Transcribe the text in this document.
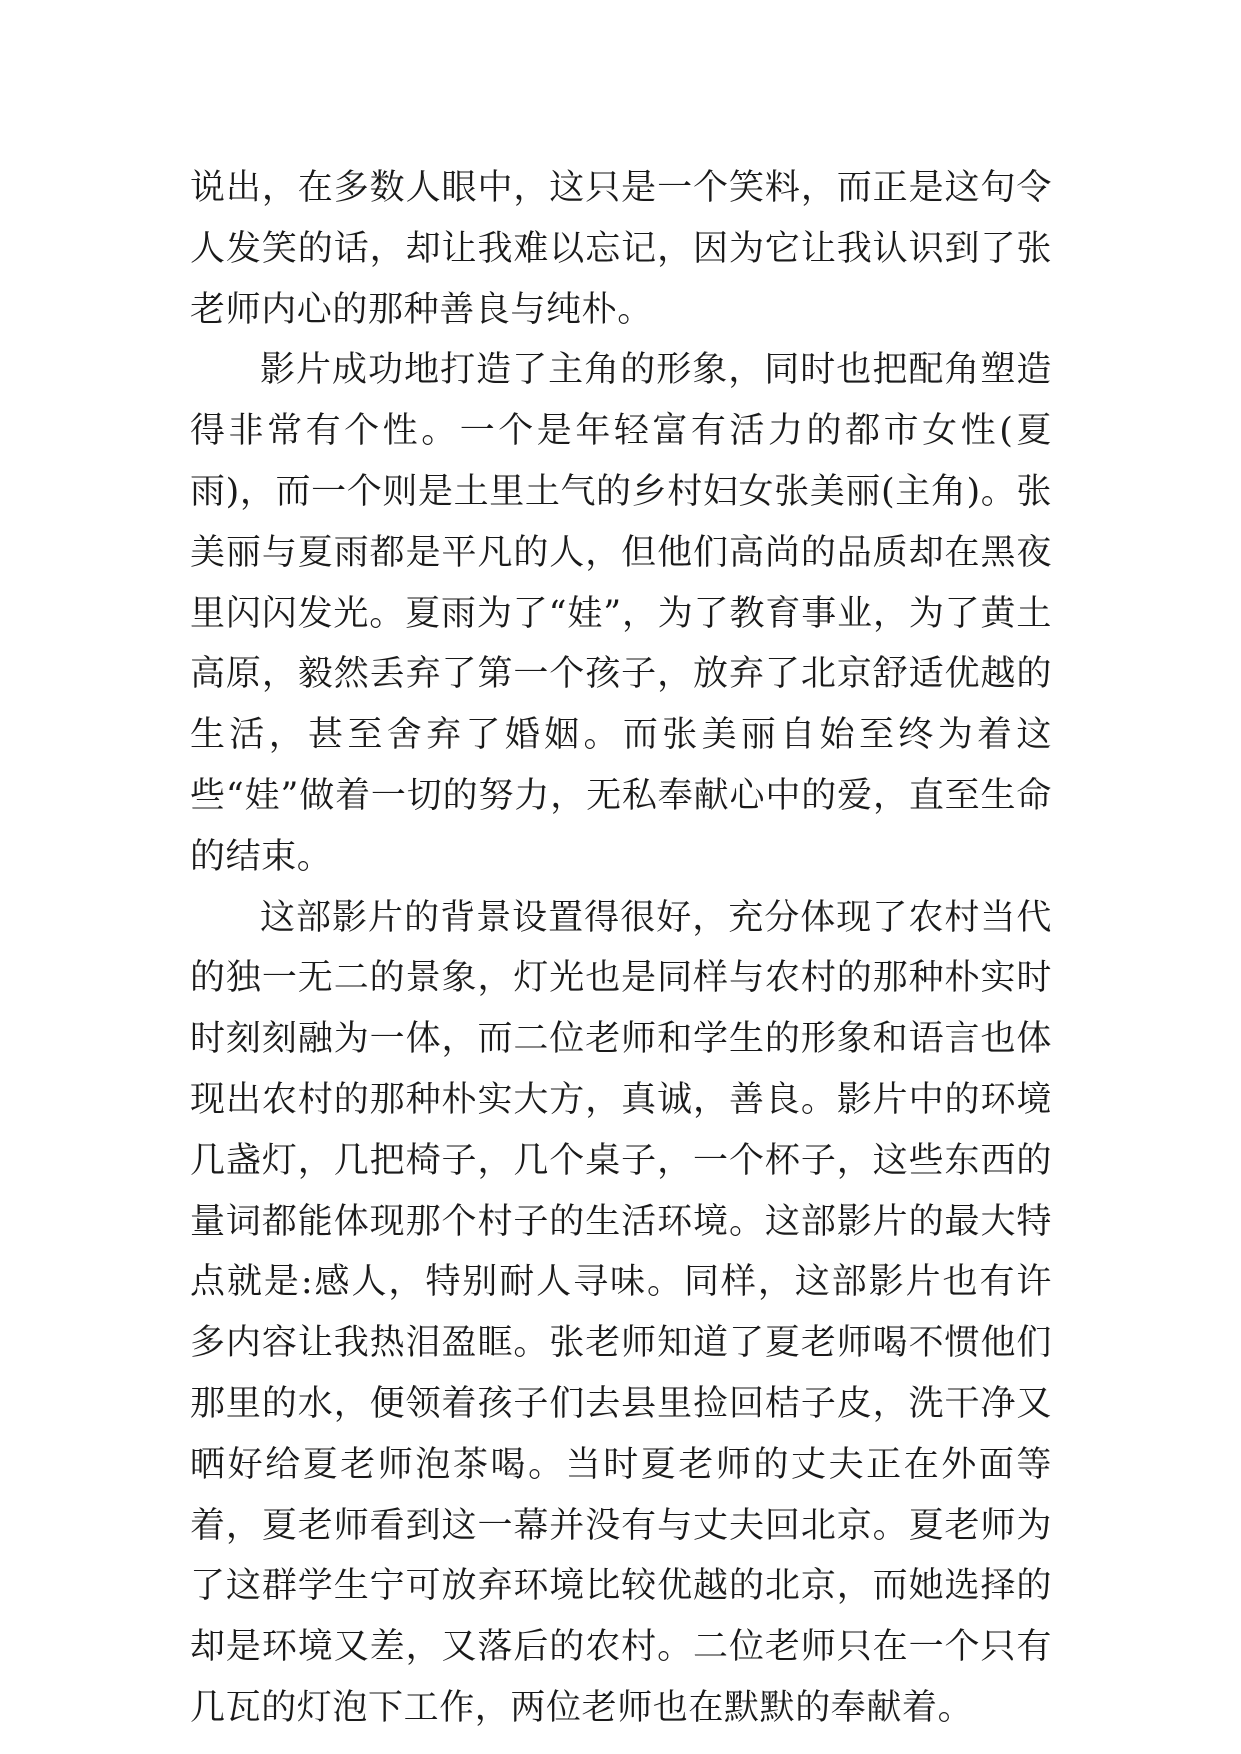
说出，在多数人眼中，这只是一个笑料，而正是这句令人发笑的话，却让我难以忘记，因为它让我认识到了张老师内心的那种善良与纯朴。

影片成功地打造了主角的形象，同时也把配角塑造得非常有个性。一个是年轻富有活力的都市女性(夏雨)，而一个则是土里土气的乡村妇女张美丽(主角)。张美丽与夏雨都是平凡的人，但他们高尚的品质却在黑夜里闪闪发光。夏雨为了“娃”，为了教育事业，为了黄土高原，毅然丢弃了第一个孩子，放弃了北京舒适优越的生活，甚至舍弃了婚姻。而张美丽自始至终为着这些“娃”做着一切的努力，无私奉献心中的爱，直至生命的结束。

这部影片的背景设置得很好，充分体现了农村当代的独一无二的景象，灯光也是同样与农村的那种朴实时时刻刻融为一体，而二位老师和学生的形象和语言也体现出农村的那种朴实大方，真诚，善良。影片中的环境几盏灯，几把椅子，几个桌子，一个杯子，这些东西的量词都能体现那个村子的生活环境。这部影片的最大特点就是:感人，特别耐人寻味。同样，这部影片也有许多内容让我热泪盈眶。张老师知道了夏老师喝不惯他们那里的水，便领着孩子们去县里捡回桔子皮，洗干净又晒好给夏老师泡茶喝。当时夏老师的丈夫正在外面等着，夏老师看到这一幕并没有与丈夫回北京。夏老师为了这群学生宁可放弃环境比较优越的北京，而她选择的却是环境又差，又落后的农村。二位老师只在一个只有几瓦的灯泡下工作，两位老师也在默默的奉献着。
